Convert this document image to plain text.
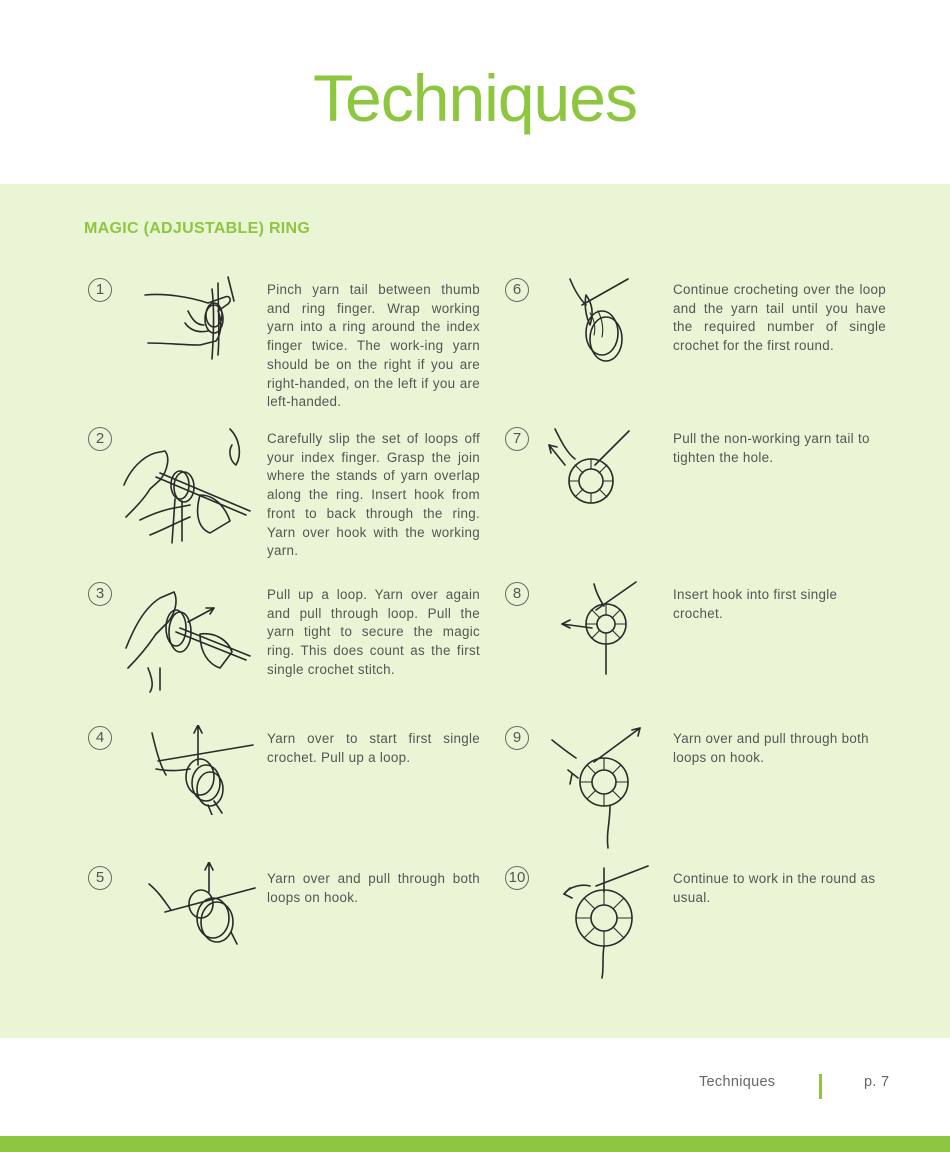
Techniques
MAGIC (ADJUSTABLE) RING
1	Pinch yarn tail between thumb and ring finger. Wrap working yarn into a ring around the index finger twice. The work-ing yarn should be on the right if you are right-handed, on the left if you are left-handed.

2	Carefully slip the set of loops off your index finger. Grasp the join where the stands of yarn overlap along the ring. Insert hook from front to back through the ring. Yarn over hook with the working yarn.

3	Pull up a loop. Yarn over again and pull through loop. Pull the yarn tight to secure the magic ring. This does count as the first single crochet stitch.

4	Yarn over to start first single crochet. Pull up a loop.

5	Yarn over and pull through both loops on hook.

6	Continue crocheting over the loop and the yarn tail until you have the required number of single crochet for the first round.

7	Pull the non-working yarn tail to tighten the hole.

8	Insert hook into first single crochet.

9	Yarn over and pull through both loops on hook.

10	Continue to work in the round as usual.

Techniques	p. 7
